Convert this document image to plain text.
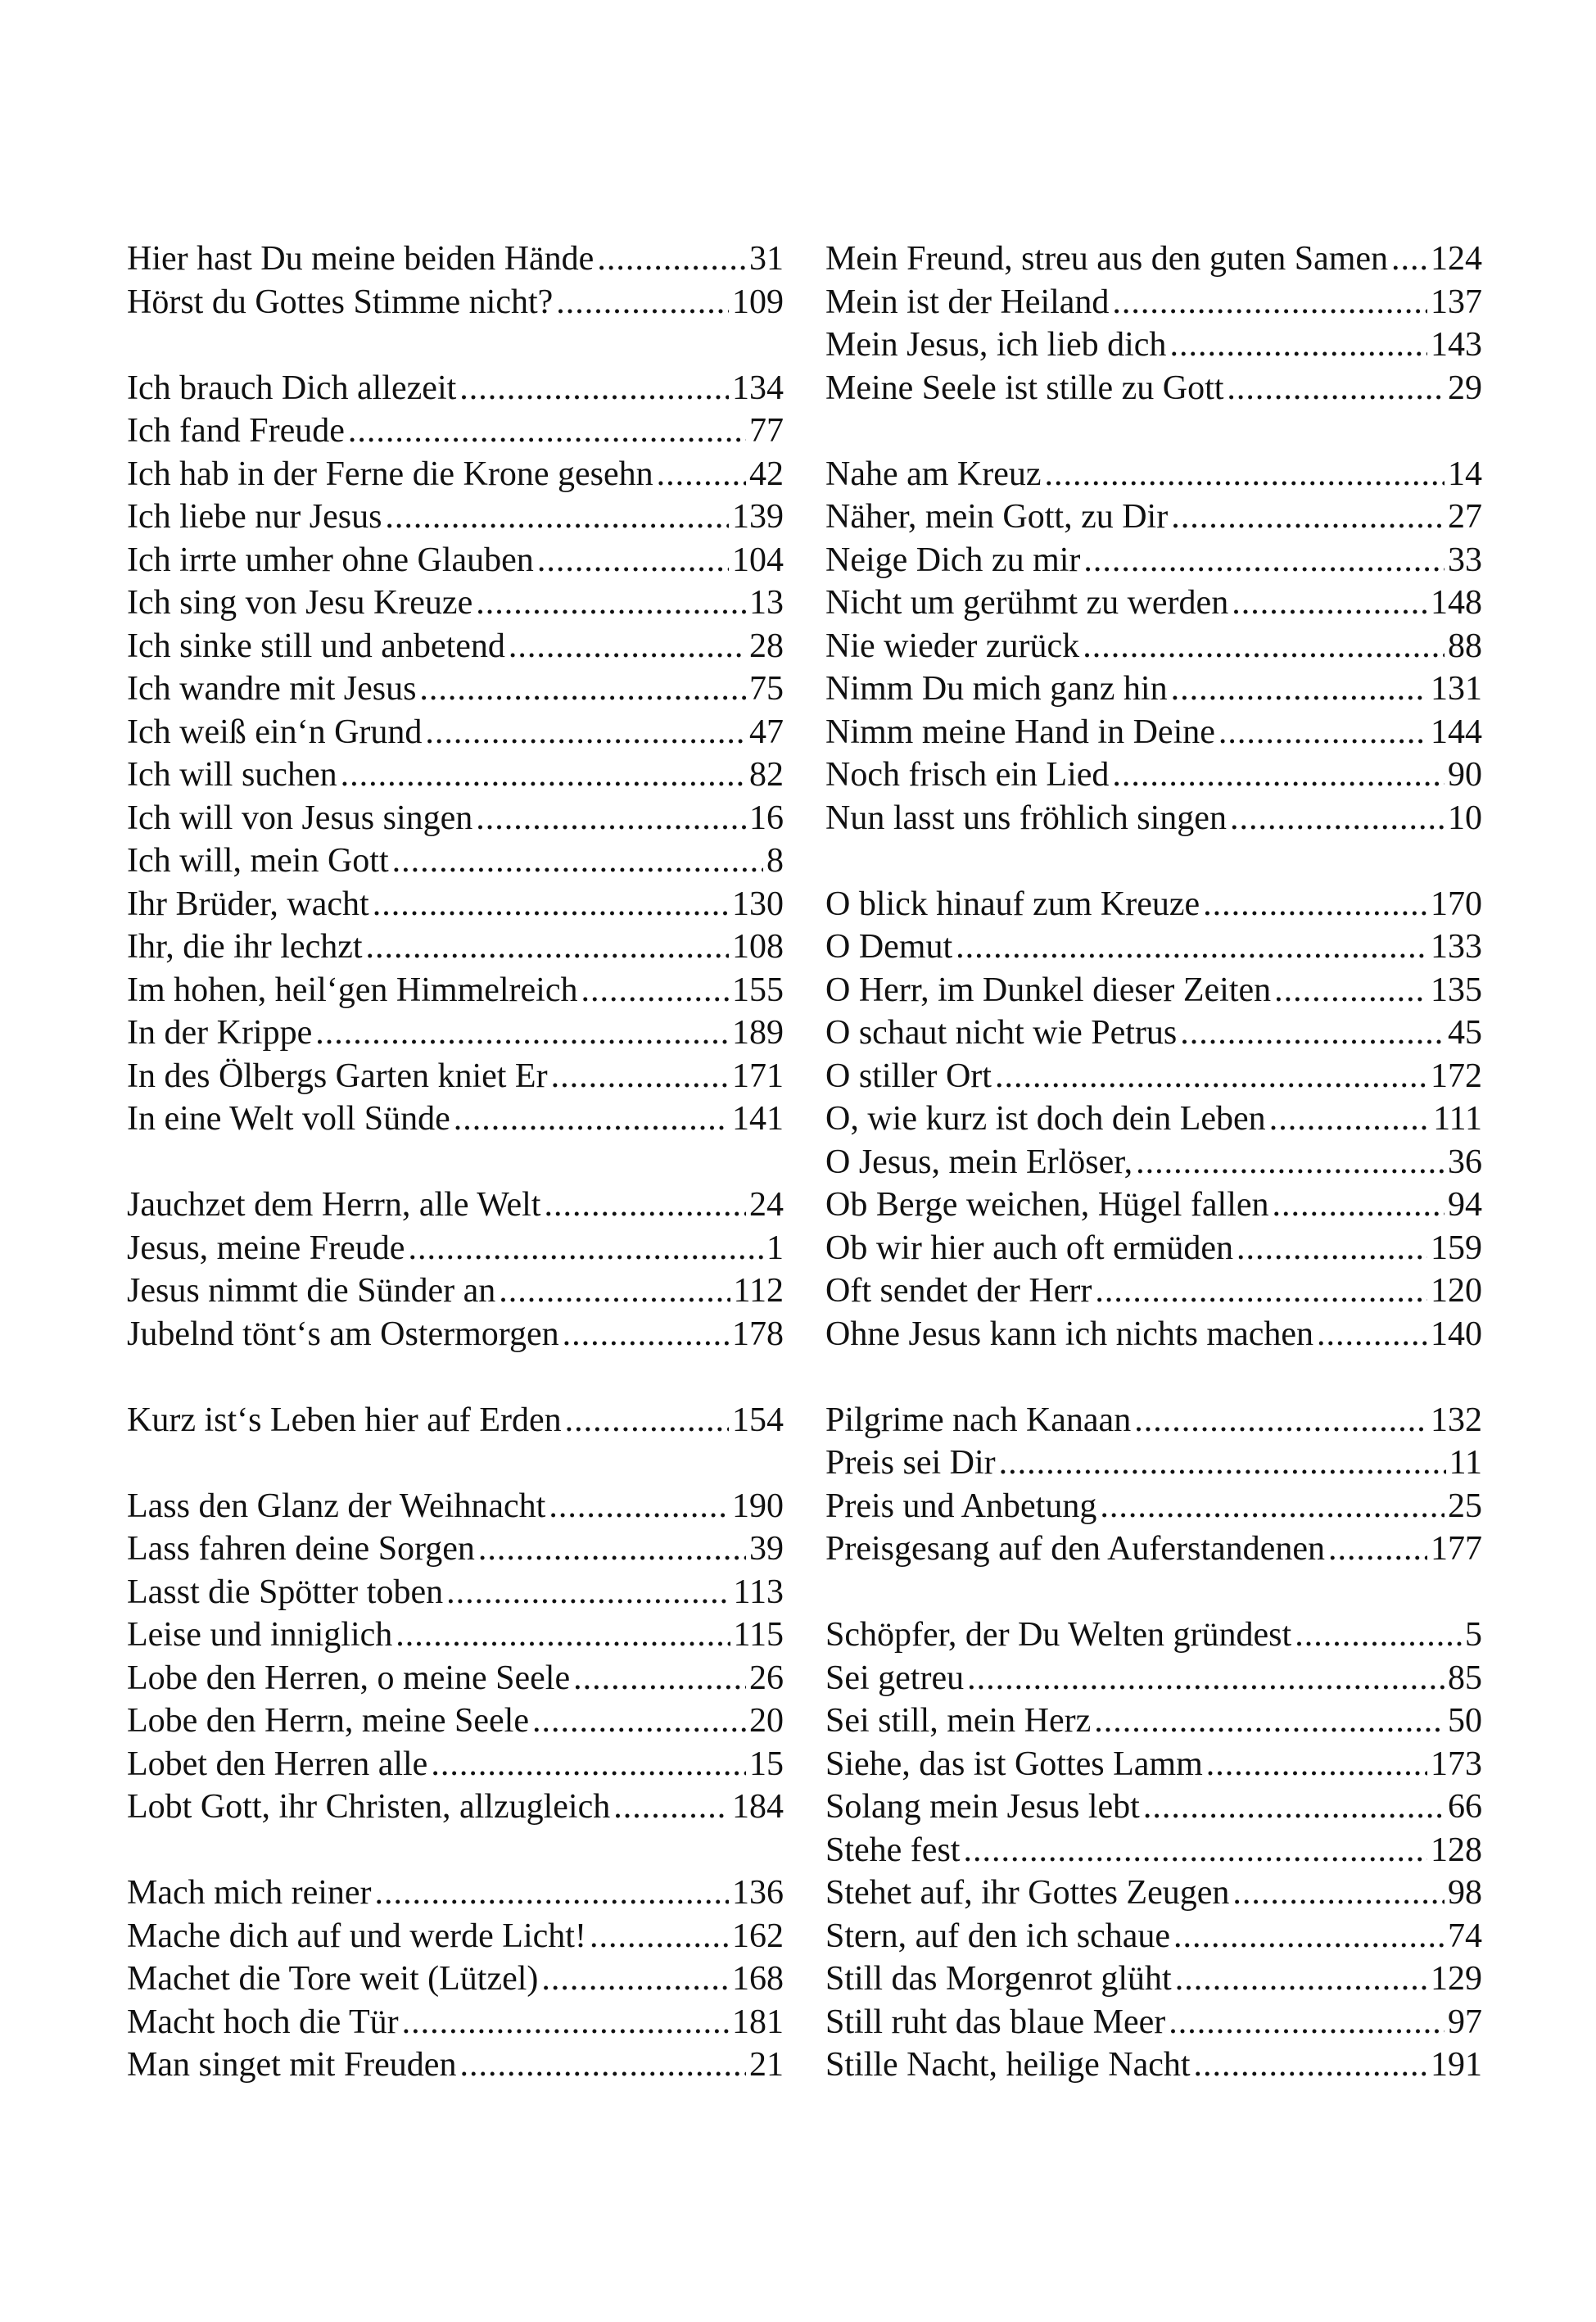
Hier hast Du meine beiden Hände .....	31
Hörst du Gottes Stimme nicht? .....	109
Ich brauch Dich allezeit .....	134
Ich fand Freude .....	77
Ich hab in der Ferne die Krone gesehn .....	42
Ich liebe nur Jesus .....	139
Ich irrte umher ohne Glauben .....	104
Ich sing von Jesu Kreuze .....	13
Ich sinke still und anbetend .....	28
Ich wandre mit Jesus .....	75
Ich weiß ein‘n Grund .....	47
Ich will suchen .....	82
Ich will von Jesus singen .....	16
Ich will, mein Gott .....	8
Ihr Brüder, wacht .....	130
Ihr, die ihr lechzt .....	108
Im hohen, heil‘gen Himmelreich .....	155
In der Krippe .....	189
In des Ölbergs Garten kniet Er .....	171
In eine Welt voll Sünde .....	141
Jauchzet dem Herrn, alle Welt .....	24
Jesus, meine Freude .....	1
Jesus nimmt die Sünder an .....	112
Jubelnd tönt‘s am Ostermorgen .....	178
Kurz ist‘s Leben hier auf Erden .....	154
Lass den Glanz der Weihnacht .....	190
Lass fahren deine Sorgen .....	39
Lasst die Spötter toben .....	113
Leise und inniglich .....	115
Lobe den Herren, o meine Seele .....	26
Lobe den Herrn, meine Seele .....	20
Lobet den Herren alle .....	15
Lobt Gott, ihr Christen, allzugleich .....	184
Mach mich reiner .....	136
Mache dich auf und werde Licht! .....	162
Machet die Tore weit (Lützel) .....	168
Macht hoch die Tür .....	181
Man singet mit Freuden .....	21
Mein Freund, streu aus den guten Samen ..... 124
Mein ist der Heiland .....	137
Mein Jesus, ich lieb dich .....	143
Meine Seele ist stille zu Gott .....	29
Nahe am Kreuz .....	14
Näher, mein Gott, zu Dir .....	27
Neige Dich zu mir .....	33
Nicht um gerühmt zu werden .....	148
Nie wieder zurück .....	88
Nimm Du mich ganz hin .....	131
Nimm meine Hand in Deine .....	144
Noch frisch ein Lied .....	90
Nun lasst uns fröhlich singen .....	10
O blick hinauf zum Kreuze .....	170
O Demut .....	133
O Herr, im Dunkel dieser Zeiten .....	135
O schaut nicht wie Petrus .....	45
O stiller Ort .....	172
O, wie kurz ist doch dein Leben .....	111
O Jesus, mein Erlöser, .....	36
Ob Berge weichen, Hügel fallen .....	94
Ob wir hier auch oft ermüden .....	159
Oft sendet der Herr .....	120
Ohne Jesus kann ich nichts machen .....	140
Pilgrime nach Kanaan .....	132
Preis sei Dir .....	11
Preis und Anbetung .....	25
Preisgesang auf den Auferstandenen .....	177
Schöpfer, der Du Welten gründest .....	5
Sei getreu .....	85
Sei still, mein Herz .....	50
Siehe, das ist Gottes Lamm .....	173
Solang mein Jesus lebt .....	66
Stehe fest .....	128
Stehet auf, ihr Gottes Zeugen .....	98
Stern, auf den ich schaue .....	74
Still das Morgenrot glüht .....	129
Still ruht das blaue Meer .....	97
Stille Nacht, heilige Nacht .....	191
